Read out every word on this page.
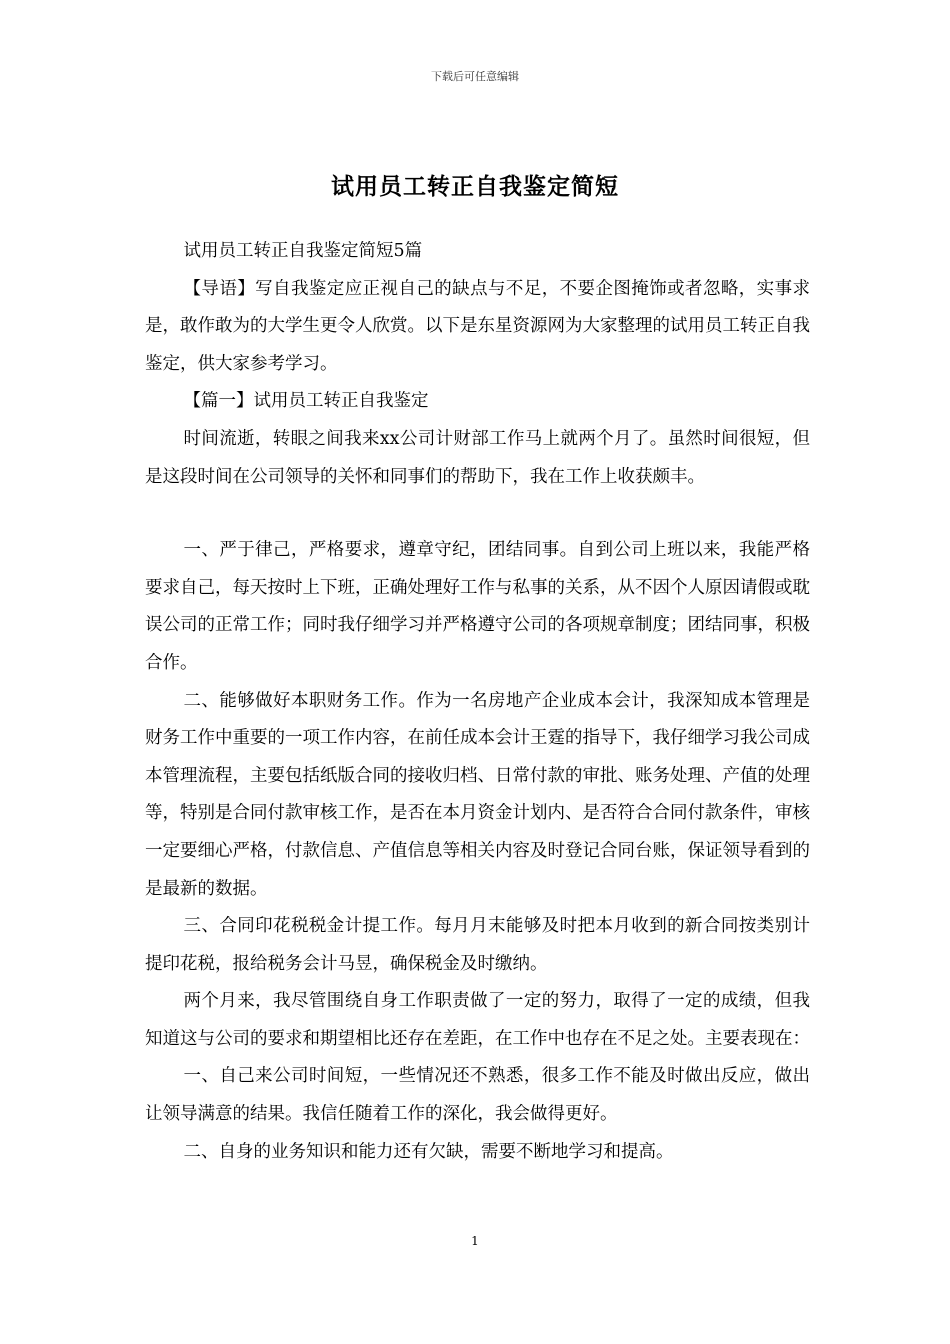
下载后可任意编辑
试用员工转正自我鉴定简短

试用员工转正自我鉴定简短5篇

【导语】写自我鉴定应正视自己的缺点与不足，不要企图掩饰或者忽略，实事求是，敢作敢为的大学生更令人欣赏。以下是东星资源网为大家整理的试用员工转正自我鉴定，供大家参考学习。

【篇一】试用员工转正自我鉴定

时间流逝，转眼之间我来xx公司计财部工作马上就两个月了。虽然时间很短，但是这段时间在公司领导的关怀和同事们的帮助下，我在工作上收获颇丰。

一、严于律己，严格要求，遵章守纪，团结同事。自到公司上班以来，我能严格要求自己，每天按时上下班，正确处理好工作与私事的关系，从不因个人原因请假或耽误公司的正常工作；同时我仔细学习并严格遵守公司的各项规章制度；团结同事，积极合作。

二、能够做好本职财务工作。作为一名房地产企业成本会计，我深知成本管理是财务工作中重要的一项工作内容，在前任成本会计王霆的指导下，我仔细学习我公司成本管理流程，主要包括纸版合同的接收归档、日常付款的审批、账务处理、产值的处理等，特别是合同付款审核工作，是否在本月资金计划内、是否符合合同付款条件，审核一定要细心严格，付款信息、产值信息等相关内容及时登记合同台账，保证领导看到的是最新的数据。

三、合同印花税税金计提工作。每月月末能够及时把本月收到的新合同按类别计提印花税，报给税务会计马昱，确保税金及时缴纳。

两个月来，我尽管围绕自身工作职责做了一定的努力，取得了一定的成绩，但我知道这与公司的要求和期望相比还存在差距，在工作中也存在不足之处。主要表现在：

一、自己来公司时间短，一些情况还不熟悉，很多工作不能及时做出反应，做出让领导满意的结果。我信任随着工作的深化，我会做得更好。

二、自身的业务知识和能力还有欠缺，需要不断地学习和提高。

1
